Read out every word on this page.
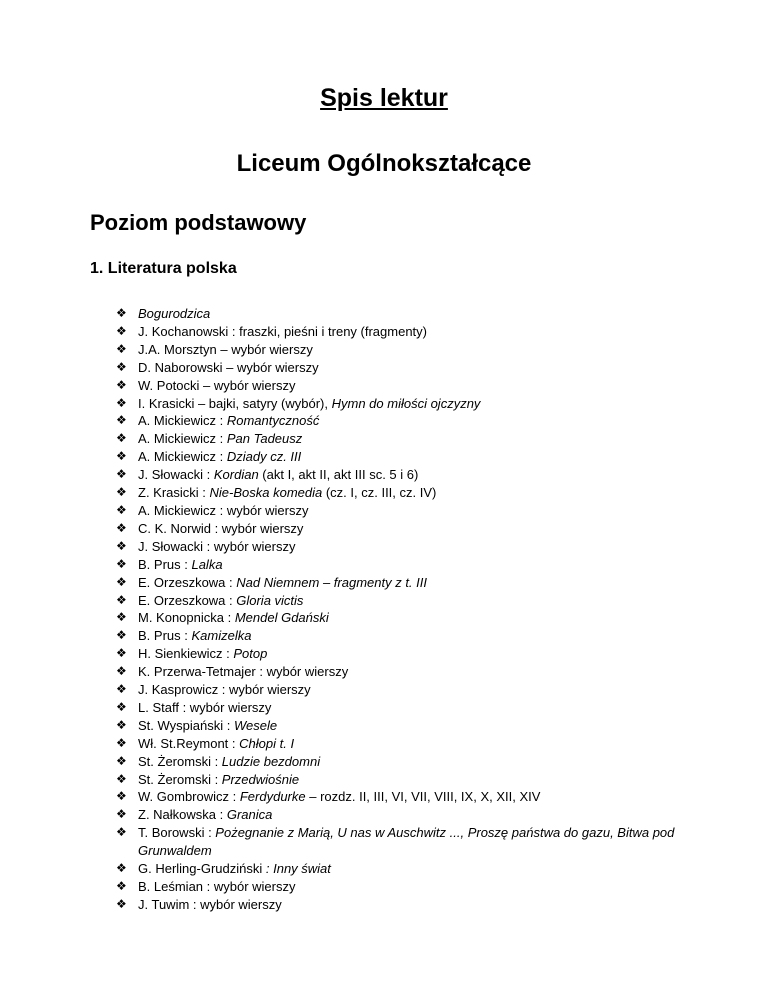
Spis lektur
Liceum Ogólnokształcące
Poziom podstawowy
1. Literatura polska
❖ Bogurodzica
❖ J. Kochanowski : fraszki, pieśni i treny (fragmenty)
❖ J.A. Morsztyn – wybór wierszy
❖ D. Naborowski – wybór wierszy
❖ W. Potocki – wybór wierszy
❖ I. Krasicki – bajki, satyry (wybór), Hymn do miłości ojczyzny
❖ A. Mickiewicz : Romantyczność
❖ A. Mickiewicz : Pan Tadeusz
❖ A. Mickiewicz : Dziady cz. III
❖ J. Słowacki : Kordian (akt I, akt II, akt III sc. 5 i 6)
❖ Z. Krasicki : Nie-Boska komedia (cz. I, cz. III, cz. IV)
❖ A. Mickiewicz : wybór wierszy
❖ C. K. Norwid : wybór wierszy
❖ J. Słowacki : wybór wierszy
❖ B. Prus : Lalka
❖ E. Orzeszkowa : Nad Niemnem – fragmenty z t. III
❖ E. Orzeszkowa : Gloria victis
❖ M. Konopnicka : Mendel Gdański
❖ B. Prus : Kamizelka
❖ H. Sienkiewicz : Potop
❖ K. Przerwa-Tetmajer : wybór wierszy
❖ J. Kasprowicz : wybór wierszy
❖ L. Staff : wybór wierszy
❖ St. Wyspiański : Wesele
❖ Wł. St.Reymont : Chłopi t. I
❖ St. Żeromski : Ludzie bezdomni
❖ St. Żeromski : Przedwiośnie
❖ W. Gombrowicz : Ferdydurke – rozdz. II, III, VI, VII, VIII, IX, X, XII, XIV
❖ Z. Nałkowska : Granica
❖ T. Borowski : Pożegnanie z Marią, U nas w Auschwitz ..., Proszę państwa do gazu, Bitwa pod Grunwaldem
❖ G. Herling-Grudziński : Inny świat
❖ B. Leśmian : wybór wierszy
❖ J. Tuwim : wybór wierszy
